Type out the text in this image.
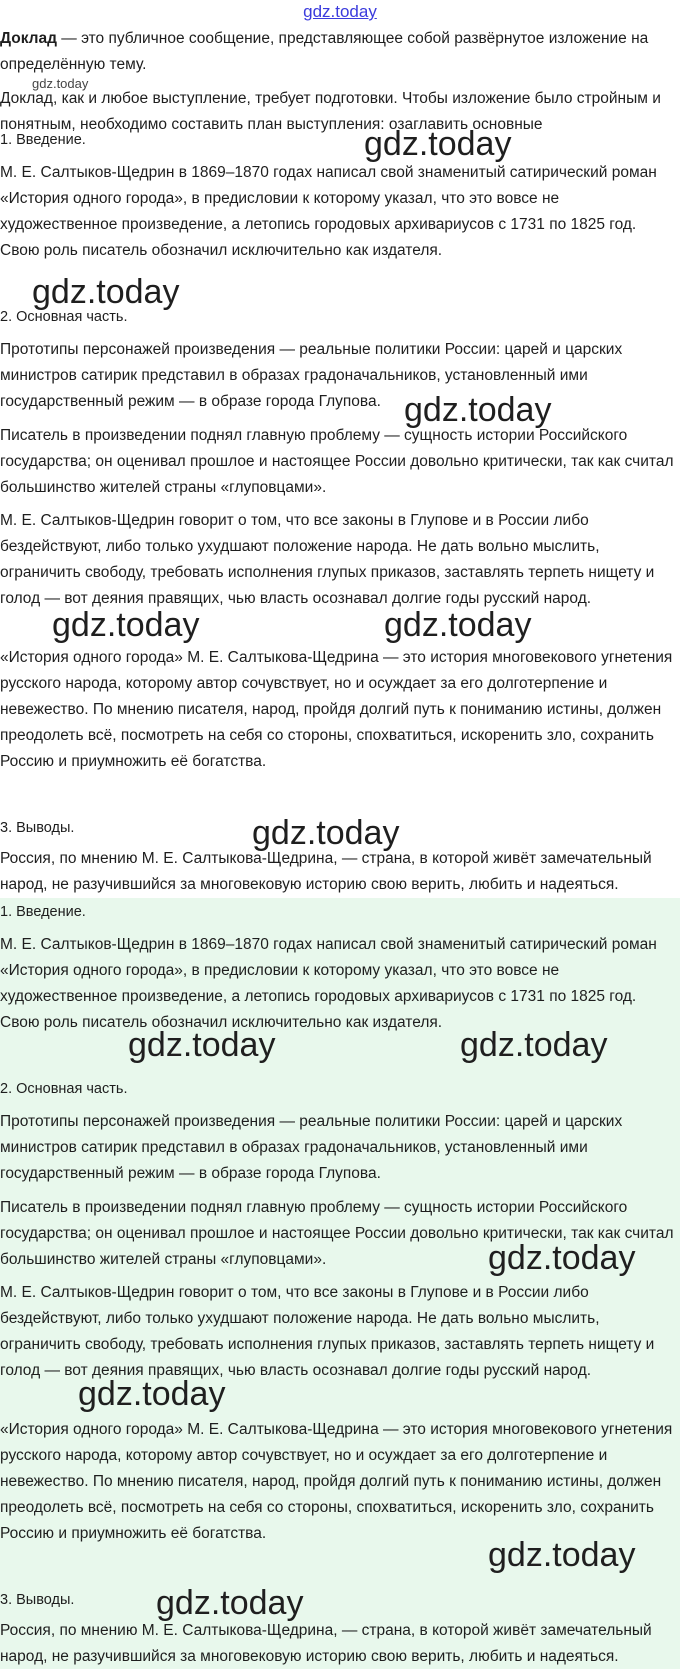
gdz.today

Доклад — это публичное сообщение, представляющее собой развёрнутое изложение на определённую тему.

gdz.today

Доклад, как и любое выступление, требует подготовки. Чтобы изложение было стройным и понятным, необходимо составить план выступления: озаглавить основные

1. Введение.

М. Е. Салтыков-Щедрин в 1869–1870 годах написал свой знаменитый сатирический роман «История одного города», в предисловии к которому указал, что это вовсе не художественное произведение, а летопись городовых архивариусов с 1731 по 1825 год. Свою роль писатель обозначил исключительно как издателя.

2. Основная часть.

Прототипы персонажей произведения — реальные политики России: царей и царских министров сатирик представил в образах градоначальников, установленный ими государственный режим — в образе города Глупова.

Писатель в произведении поднял главную проблему — сущность истории Российского государства; он оценивал прошлое и настоящее России довольно критически, так как считал большинство жителей страны «глуповцами».

М. Е. Салтыков-Щедрин говорит о том, что все законы в Глупове и в России либо бездействуют, либо только ухудшают положение народа. Не дать вольно мыслить, ограничить свободу, требовать исполнения глупых приказов, заставлять терпеть нищету и голод — вот деяния правящих, чью власть осознавал долгие годы русский народ.

«История одного города» М. Е. Салтыкова-Щедрина — это история многовекового угнетения русского народа, которому автор сочувствует, но и осуждает за его долготерпение и невежество. По мнению писателя, народ, пройдя долгий путь к пониманию истины, должен преодолеть всё, посмотреть на себя со стороны, спохватиться, искоренить зло, сохранить Россию и приумножить её богатства.

3. Выводы.

Россия, по мнению М. Е. Салтыкова-Щедрина, — страна, в которой живёт замечательный народ, не разучившийся за многовековую историю свою верить, любить и надеяться.

1. Введение.

М. Е. Салтыков-Щедрин в 1869–1870 годах написал свой знаменитый сатирический роман «История одного города», в предисловии к которому указал, что это вовсе не художественное произведение, а летопись городовых архивариусов с 1731 по 1825 год. Свою роль писатель обозначил исключительно как издателя.

2. Основная часть.

Прототипы персонажей произведения — реальные политики России: царей и царских министров сатирик представил в образах градоначальников, установленный ими государственный режим — в образе города Глупова.

Писатель в произведении поднял главную проблему — сущность истории Российского государства; он оценивал прошлое и настоящее России довольно критически, так как считал большинство жителей страны «глуповцами».

М. Е. Салтыков-Щедрин говорит о том, что все законы в Глупове и в России либо бездействуют, либо только ухудшают положение народа. Не дать вольно мыслить, ограничить свободу, требовать исполнения глупых приказов, заставлять терпеть нищету и голод — вот деяния правящих, чью власть осознавал долгие годы русский народ.

«История одного города» М. Е. Салтыкова-Щедрина — это история многовекового угнетения русского народа, которому автор сочувствует, но и осуждает за его долготерпение и невежество. По мнению писателя, народ, пройдя долгий путь к пониманию истины, должен преодолеть всё, посмотреть на себя со стороны, спохватиться, искоренить зло, сохранить Россию и приумножить её богатства.

3. Выводы.

Россия, по мнению М. Е. Салтыкова-Щедрина, — страна, в которой живёт замечательный народ, не разучившийся за многовековую историю свою верить, любить и надеяться.

gdz.today
gdz.today
gdz.today
gdz.today	gdz.today
gdz.today
gdz.today	gdz.today
gdz.today
gdz.today
gdz.today
gdz.today
